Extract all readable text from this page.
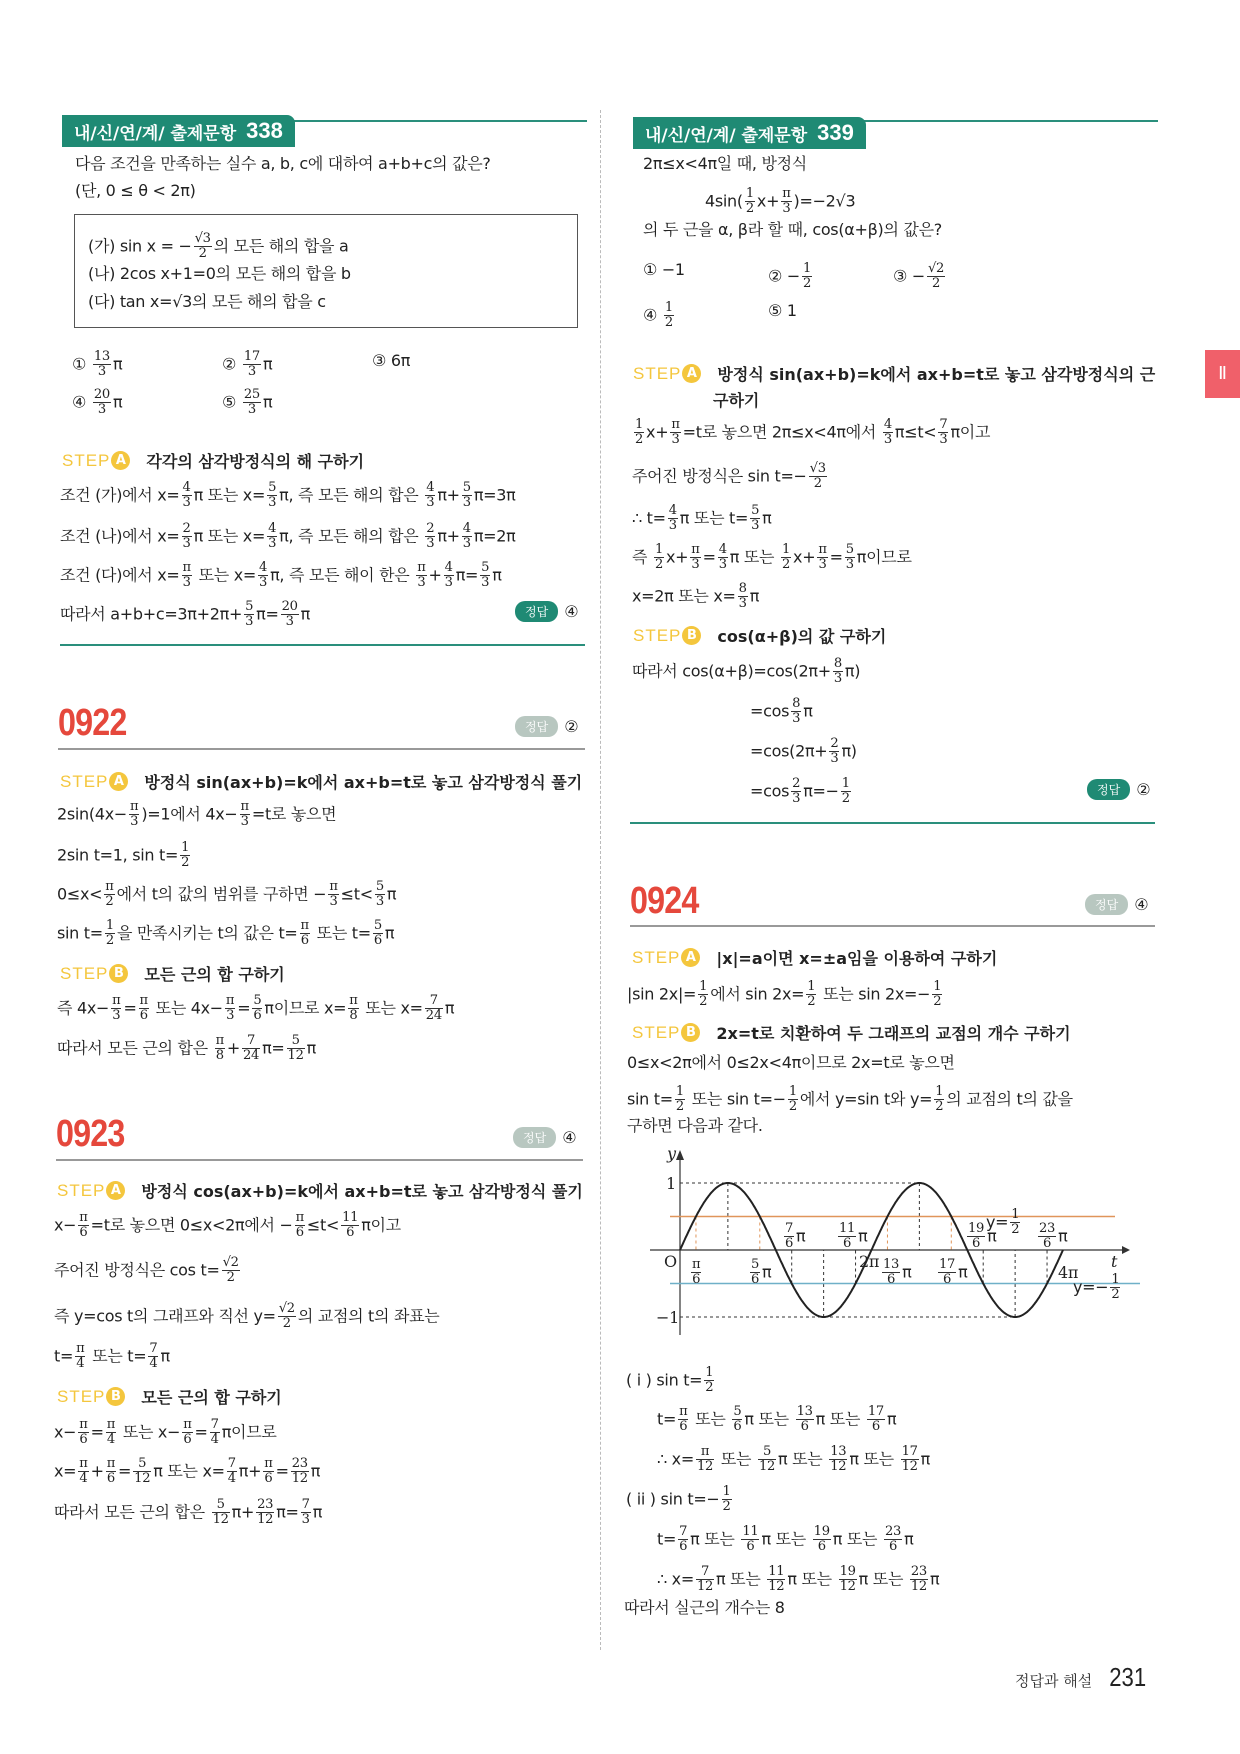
Ⅱ
내/신/연/계/ 출제문항 338
다음 조건을 만족하는 실수 a, b, c에 대하여 a+b+c의 값은?
(단, 0 ≤ θ < 2π)
(가) sin x = − $\frac{√3}{2}$ 의 모든 해의 합을 a
(나) 2cos x+1=0의 모든 해의 합을 b
(다) tan x=√3의 모든 해의 합을 c
① $\frac{13}{3}$ π	② $\frac{17}{3}$ π	③ 6π
④ $\frac{20}{3}$ π	⑤ $\frac{25}{3}$ π
STEP A 각각의 삼각방정식의 해 구하기
조건 (가)에서 $x= \frac{4}{3}$ π 또는 $x= \frac{5}{3} \pi$, 즉 모든 해의 합은 $\frac{4}{3} \pi+ \frac{5}{3} \pi=3\pi$
조건 (나)에서 $x= \frac{2}{3}$ π 또는 $x= \frac{4}{3} \pi$, 즉 모든 해의 합은 $\frac{2}{3} \pi+ \frac{4}{3} \pi=2\pi$
조건 (다)에서 $x= \frac{\pi}{3}$ 또는 $x= \frac{4}{3} \pi$, 즉 모든 해이 한은 $\frac{\pi}{3} + \frac{4}{3} \pi= \frac{5}{3}$ π
따라서 $a+b+c=3\pi+2\pi+ \frac{5}{3} \pi= \frac{20}{3}$ π	정답	④
0922	정답	②
STEP A 방정식 sin(ax+b)=k에서 ax+b=t로 놓고 삼각방정식 풀기
$2\sin(4x- \frac{\pi}{3} )=1$에서 $4x- \frac{\pi}{3} =t$로 놓으면
2sin t=1, $\sin t= \frac{1}{2}$
$0\le x< \frac{\pi}{2}$ 에서 t의 값의 범위를 구하면 − $\frac{\pi}{3} \le t< \frac{5}{3}$ π
$\sin t= \frac{1}{2}$ 을 만족시키는 t의 값은 $t= \frac{\pi}{6}$ 또는 $t= \frac{5}{6}$ π
STEP B 모든 근의 합 구하기
즉 $4x- \frac{\pi}{3} = \frac{\pi}{6}$ 또는 $4x- \frac{\pi}{3} = \frac{5}{6}$ π이므로 $x= \frac{\pi}{8}$ 또는 $x= \frac{7}{24}$ π
따라서 모든 근의 합은 $\frac{\pi}{8} + \frac{7}{24} \pi= \frac{5}{12}$ π
0923	정답	④
STEP A 방정식 cos(ax+b)=k에서 ax+b=t로 놓고 삼각방정식 풀기
$x- \frac{\pi}{6} =t$로 놓으면 0≤x<2π에서 − $\frac{\pi}{6} \le t< \frac{11}{6}$ π이고
주어진 방정식은 $\cos t= \frac{√2}{2}$
즉 y=cos t의 그래프와 직선 $y= \frac{√2}{2}$ 의 교점의 t의 좌표는
$t= \frac{\pi}{4}$ 또는 $t= \frac{7}{4}$ π
STEP B 모든 근의 합 구하기
$x- \frac{\pi}{6} = \frac{\pi}{4}$ 또는 $x- \frac{\pi}{6} = \frac{7}{4}$ π이므로
$x= \frac{\pi}{4} + \frac{\pi}{6} = \frac{5}{12}$ π 또는 $x= \frac{7}{4} \pi+ \frac{\pi}{6} = \frac{23}{12}$ π
따라서 모든 근의 합은 $\frac{5}{12} \pi+ \frac{23}{12} \pi= \frac{7}{3}$ π
내/신/연/계/ 출제문항 339
2π≤x<4π일 때, 방정식
$4\sin( \frac{1}{2} x+ \frac{\pi}{3} )=-2√3$
의 두 근을 α, β라 할 때, cos(α+β)의 값은?
① −1	② − $\frac{1}{2}$	③ − $\frac{√2}{2}$
④ $\frac{1}{2}$	⑤ 1
STEP A 방정식 sin(ax+b)=k에서 ax+b=t로 놓고 삼각방정식의 근
구하기
$\frac{1}{2} x+ \frac{\pi}{3} =t$로 놓으면 2π≤x<4π에서 $\frac{4}{3} \pi\le t< \frac{7}{3}$ π이고
주어진 방정식은 $\sin t=- \frac{√3}{2}$
∴ $t= \frac{4}{3}$ π 또는 $t= \frac{5}{3}$ π
즉 $\frac{1}{2} x+ \frac{\pi}{3} = \frac{4}{3}$ π 또는 $\frac{1}{2} x+ \frac{\pi}{3} = \frac{5}{3}$ π이므로
x=2π 또는 $x= \frac{8}{3}$ π
STEP B cos(α+β)의 값 구하기
따라서 $\cos(\alpha+\beta)=\cos(2\pi+ \frac{8}{3} \pi)$
$=\cos \frac{8}{3}$ π
$=\cos(2\pi+ \frac{2}{3} \pi)$
$=\cos \frac{2}{3} \pi=- \frac{1}{2}$	정답	②
0924	정답	④
STEP A |x|=a이면 x=±a임을 이용하여 구하기
|sin $2x|= \frac{1}{2}$ 에서 $\sin 2x= \frac{1}{2}$ 또는 $\sin 2x=- \frac{1}{2}$
STEP B 2x=t로 치환하여 두 그래프의 교점의 개수 구하기
0≤x<2π에서 0≤2x<4π이므로 2x=t로 놓으면
$\sin t= \frac{1}{2}$ 또는 $\sin t=- \frac{1}{2}$ 에서 y=sin t와 $y= \frac{1}{2}$ 의 교점의 t의 값을
구하면 다음과 같다.
y
t
O
1
−1
$y= \frac{1}{2}$
$y=- \frac{1}{2}$
$\frac{\pi}{6}$	$\frac{5}{6}$ π
$2\pi \frac{13}{6}$ π $\frac{17}{6}$ π	4π
$\frac{7}{6}$ π $\frac{11}{6}$ π	$\frac{19}{6}$ π	$\frac{23}{6}$ π
( i ) $\sin t= \frac{1}{2}$
$t= \frac{\pi}{6}$ 또는 $\frac{5}{6}$ π 또는 $\frac{13}{6}$ π 또는 $\frac{17}{6}$ π
∴ $x= \frac{\pi}{12}$ 또는 $\frac{5}{12}$ π 또는 $\frac{13}{12}$ π 또는 $\frac{17}{12}$ π
( ii ) $\sin t=- \frac{1}{2}$
$t= \frac{7}{6}$ π 또는 $\frac{11}{6}$ π 또는 $\frac{19}{6}$ π 또는 $\frac{23}{6}$ π
∴ $x= \frac{7}{12}$ π 또는 $\frac{11}{12}$ π 또는 $\frac{19}{12}$ π 또는 $\frac{23}{12}$ π
따라서 실근의 개수는 8
정답과 해설 231
